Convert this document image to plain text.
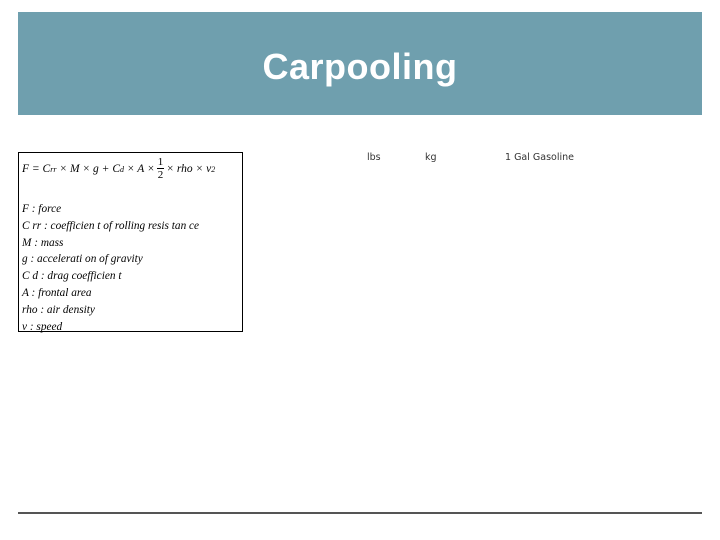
Carpooling
F = C rr × M × g + C $d \times A \times \frac{1}{2}$ × rho × v 2
F : force
C rr : coefficien t of rolling resis tan ce
M : mass
g : accelerati on of gravity
C d : drag coefficien t
A : frontal area
rho : air density
v : speed
lbs	kg	1 Gal Gasoline
